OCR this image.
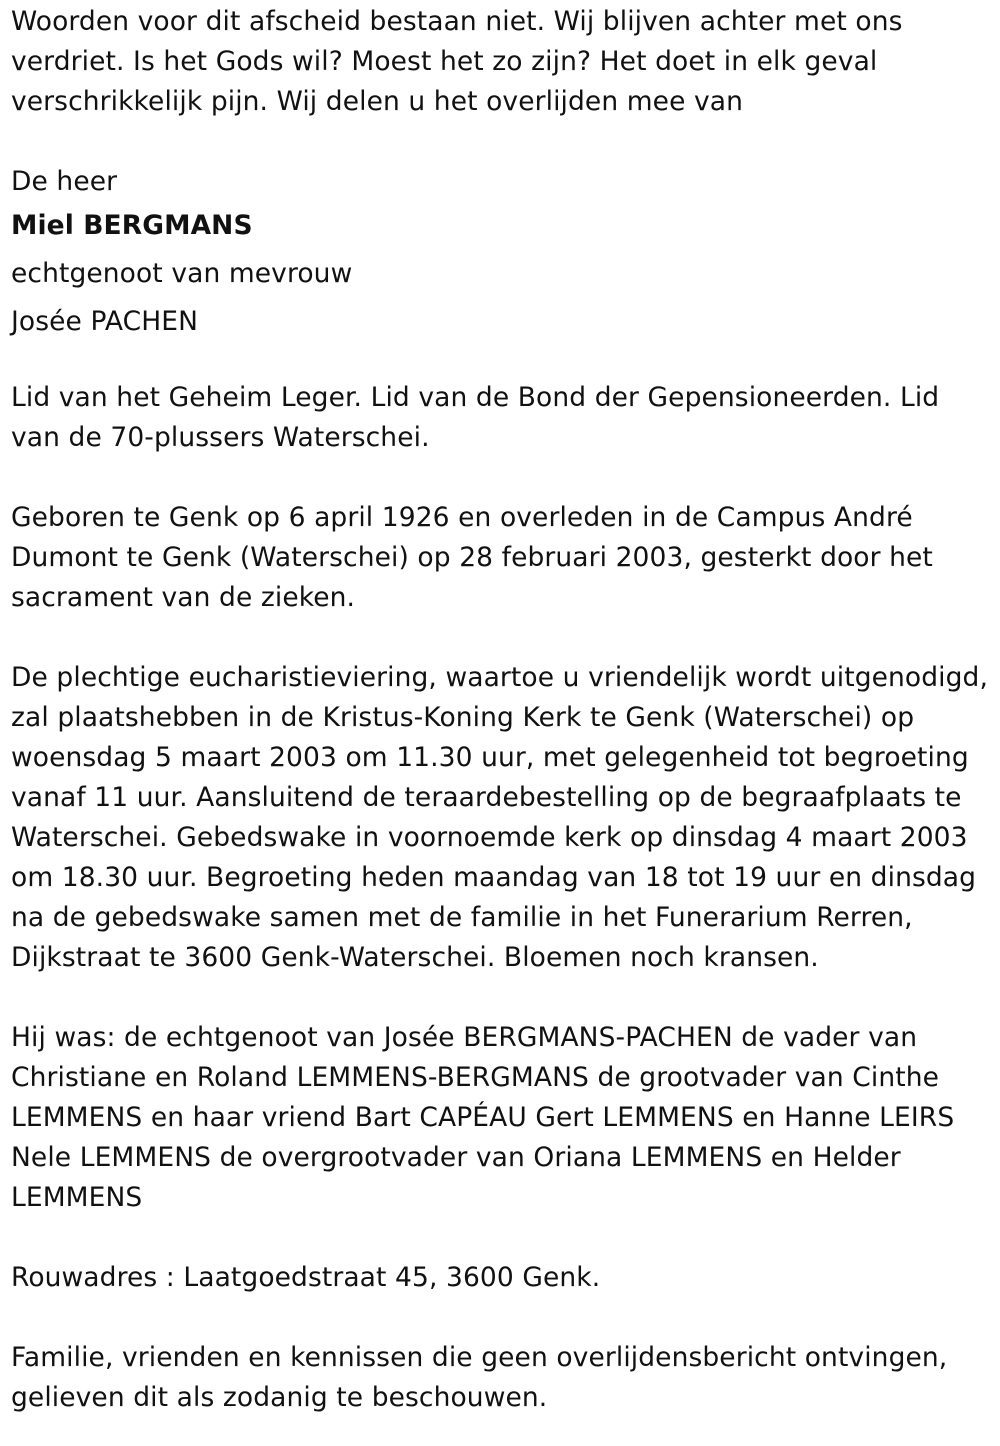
Woorden voor dit afscheid bestaan niet. Wij blijven achter met ons verdriet. Is het Gods wil? Moest het zo zijn? Het doet in elk geval verschrikkelijk pijn. Wij delen u het overlijden mee van

De heer

Miel BERGMANS

echtgenoot van mevrouw

Josée PACHEN

Lid van het Geheim Leger. Lid van de Bond der Gepensioneerden. Lid van de 70-plussers Waterschei.

Geboren te Genk op 6 april 1926 en overleden in de Campus André Dumont te Genk (Waterschei) op 28 februari 2003, gesterkt door het sacrament van de zieken.

De plechtige eucharistieviering, waartoe u vriendelijk wordt uitgenodigd, zal plaatshebben in de Kristus-Koning Kerk te Genk (Waterschei) op woensdag 5 maart 2003 om 11.30 uur, met gelegenheid tot begroeting vanaf 11 uur. Aansluitend de teraardebestelling op de begraafplaats te Waterschei. Gebedswake in voornoemde kerk op dinsdag 4 maart 2003 om 18.30 uur. Begroeting heden maandag van 18 tot 19 uur en dinsdag na de gebedswake samen met de familie in het Funerarium Rerren, Dijkstraat te 3600 Genk-Waterschei. Bloemen noch kransen.

Hij was: de echtgenoot van Josée BERGMANS-PACHEN de vader van Christiane en Roland LEMMENS-BERGMANS de grootvader van Cinthe LEMMENS en haar vriend Bart CAPÉAU Gert LEMMENS en Hanne LEIRS Nele LEMMENS de overgrootvader van Oriana LEMMENS en Helder LEMMENS

Rouwadres : Laatgoedstraat 45, 3600 Genk.

Familie, vrienden en kennissen die geen overlijdensbericht ontvingen, gelieven dit als zodanig te beschouwen.
